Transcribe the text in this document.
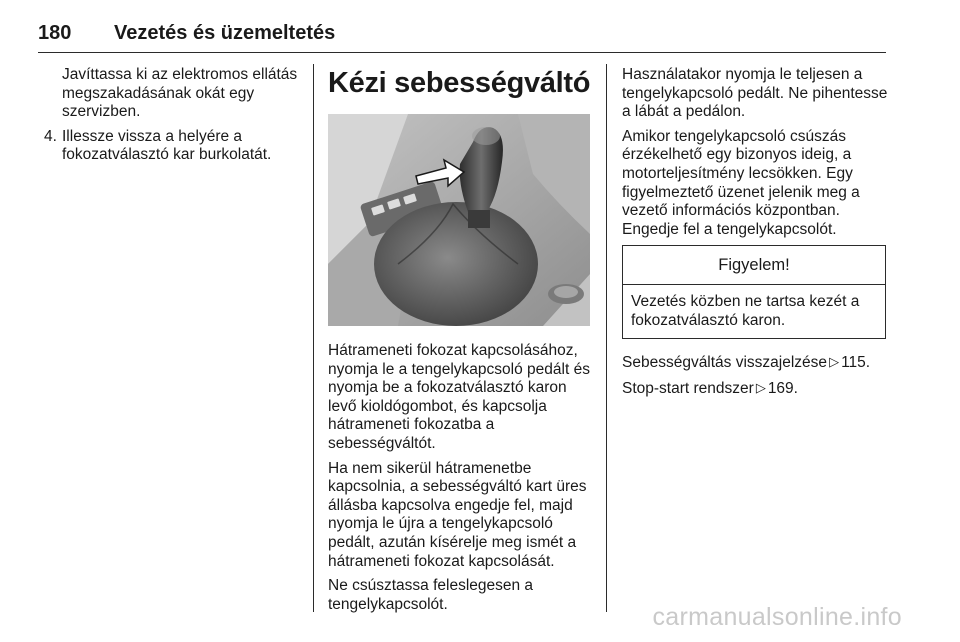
180 Vezetés és üzemeltetés

Javíttassa ki az elektromos ellátás megszakadásának okát egy szervizben.

4. Illessze vissza a helyére a fokozatválasztó kar burkolatát.
Kézi sebességváltó

Hátrameneti fokozat kapcsolásához, nyomja le a tengelykapcsoló pedált és nyomja be a fokozatválasztó karon levő kioldógombot, és kapcsolja hátrameneti fokozatba a sebességváltót.

Ha nem sikerül hátramenetbe kapcsolnia, a sebességváltó kart üres állásba kapcsolva engedje fel, majd nyomja le újra a tengelykapcsoló pedált, azután kísérelje meg ismét a hátrameneti fokozat kapcsolását.

Ne csúsztassa feleslegesen a tengelykapcsolót.

Használatakor nyomja le teljesen a tengelykapcsoló pedált. Ne pihentesse a lábát a pedálon.

Amikor tengelykapcsoló csúszás érzékelhető egy bizonyos ideig, a motorteljesítmény lecsökken. Egy figyelmeztető üzenet jelenik meg a vezető információs központban. Engedje fel a tengelykapcsolót.

Figyelem!
Vezetés közben ne tartsa kezét a fokozatválasztó karon.

Sebességváltás visszajelzése ▷ 115.

Stop-start rendszer ▷ 169.

carmanualsonline.info
